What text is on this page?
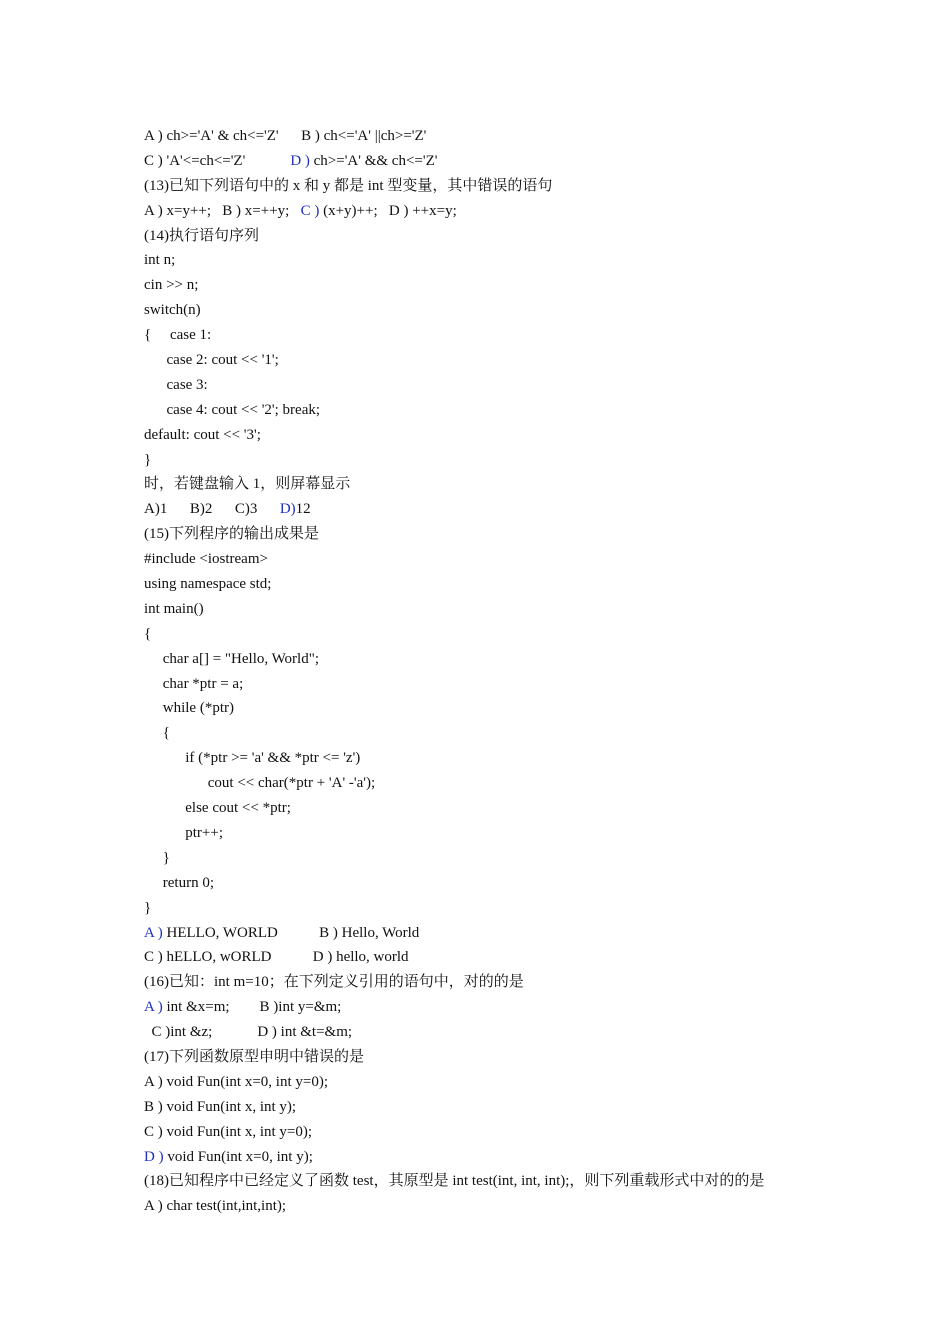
A ) ch>='A' & ch<='Z'      B ) ch<='A' ||ch>='Z'
C ) 'A'<=ch<='Z'            D ) ch>='A' && ch<='Z'
(13)已知下列语句中的 x 和 y 都是 int 型变量，其中错误的语句
A ) x=y++;   B ) x=++y;   C ) (x+y)++;   D ) ++x=y;
(14)执行语句序列
int n;
cin >> n;
switch(n)
{     case 1:
case 2: cout << '1';
case 3:
case 4: cout << '2'; break;
default: cout << '3';
}
时，若键盘输入 1，则屏幕显示
A)1      B)2      C)3      D)12
(15)下列程序的输出成果是
#include <iostream>
using namespace std;
int main()
{
char a[] = "Hello, World";
char *ptr = a;
while (*ptr)
{
if (*ptr >= 'a' && *ptr <= 'z')
cout << char(*ptr + 'A' -'a');
else cout << *ptr;
ptr++;
}
return 0;
}
A ) HELLO, WORLD           B ) Hello, World
C ) hELLO, wORLD           D ) hello, world
(16)已知：int m=10；在下列定义引用的语句中，对的的是
A ) int &x=m;        B )int y=&m;
C )int &z;            D ) int &t=&m;
(17)下列函数原型申明中错误的是
A ) void Fun(int x=0, int y=0);
B ) void Fun(int x, int y);
C ) void Fun(int x, int y=0);
D ) void Fun(int x=0, int y);
(18)已知程序中已经定义了函数 test，其原型是 int test(int, int, int);，则下列重载形式中对的的是
A ) char test(int,int,int);
